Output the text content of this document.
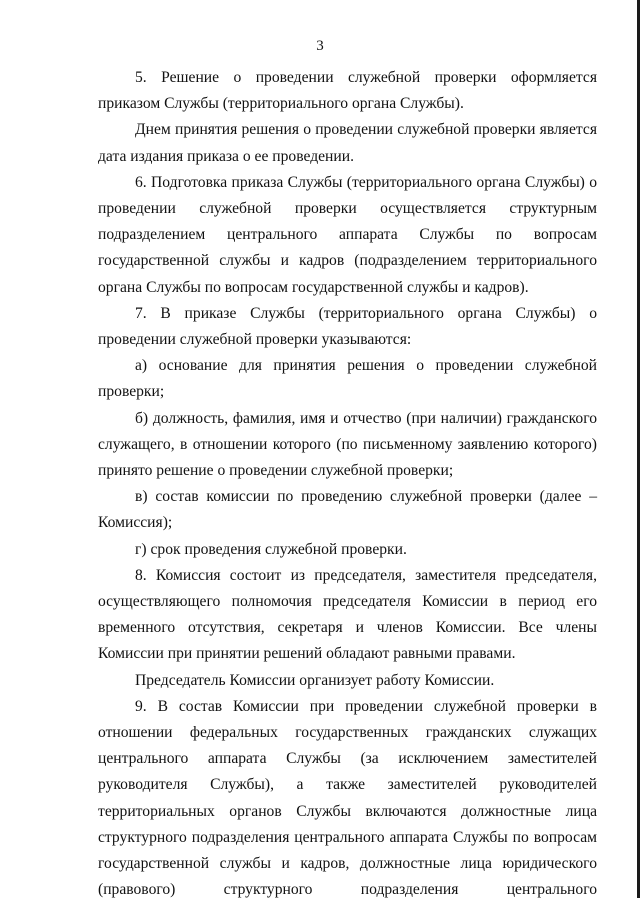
3

5. Решение о проведении служебной проверки оформляется приказом Службы (территориального органа Службы).

Днем принятия решения о проведении служебной проверки является дата издания приказа о ее проведении.

6. Подготовка приказа Службы (территориального органа Службы) о проведении служебной проверки осуществляется структурным подразделением центрального аппарата Службы по вопросам государственной службы и кадров (подразделением территориального органа Службы по вопросам государственной службы и кадров).

7. В приказе Службы (территориального органа Службы) о проведении служебной проверки указываются:

а) основание для принятия решения о проведении служебной проверки;

б) должность, фамилия, имя и отчество (при наличии) гражданского служащего, в отношении которого (по письменному заявлению которого) принято решение о проведении служебной проверки;

в) состав комиссии по проведению служебной проверки (далее – Комиссия);

г) срок проведения служебной проверки.

8. Комиссия состоит из председателя, заместителя председателя, осуществляющего полномочия председателя Комиссии в период его временного отсутствия, секретаря и членов Комиссии. Все члены Комиссии при принятии решений обладают равными правами.

Председатель Комиссии организует работу Комиссии.

9. В состав Комиссии при проведении служебной проверки в отношении федеральных государственных гражданских служащих центрального аппарата Службы (за исключением заместителей руководителя Службы), а также заместителей руководителей территориальных органов Службы включаются должностные лица структурного подразделения центрального аппарата Службы по вопросам государственной службы и кадров, должностные лица юридического (правового) структурного подразделения центрального
